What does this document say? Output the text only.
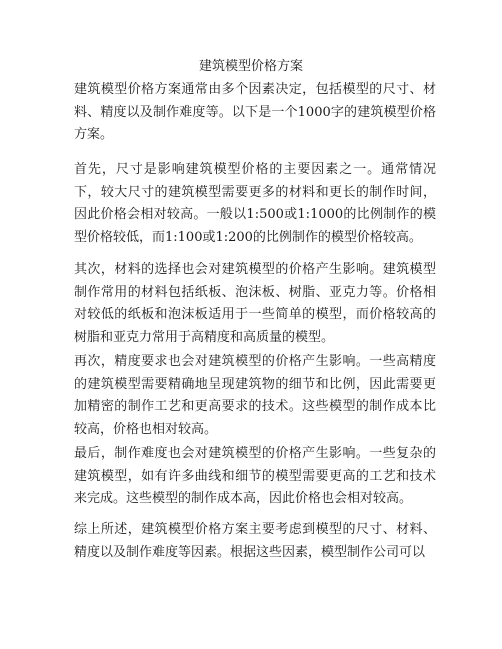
建筑模型价格方案

建筑模型价格方案通常由多个因素决定，包括模型的尺寸、材料、精度以及制作难度等。以下是一个1000字的建筑模型价格方案。

首先，尺寸是影响建筑模型价格的主要因素之一。通常情况下，较大尺寸的建筑模型需要更多的材料和更长的制作时间，因此价格会相对较高。一般以1:500或1:1000的比例制作的模型价格较低，而1:100或1:200的比例制作的模型价格较高。

其次，材料的选择也会对建筑模型的价格产生影响。建筑模型制作常用的材料包括纸板、泡沫板、树脂、亚克力等。价格相对较低的纸板和泡沫板适用于一些简单的模型，而价格较高的树脂和亚克力常用于高精度和高质量的模型。

再次，精度要求也会对建筑模型的价格产生影响。一些高精度的建筑模型需要精确地呈现建筑物的细节和比例，因此需要更加精密的制作工艺和更高要求的技术。这些模型的制作成本比较高，价格也相对较高。

最后，制作难度也会对建筑模型的价格产生影响。一些复杂的建筑模型，如有许多曲线和细节的模型需要更高的工艺和技术来完成。这些模型的制作成本高，因此价格也会相对较高。

综上所述，建筑模型价格方案主要考虑到模型的尺寸、材料、精度以及制作难度等因素。根据这些因素，模型制作公司可以
